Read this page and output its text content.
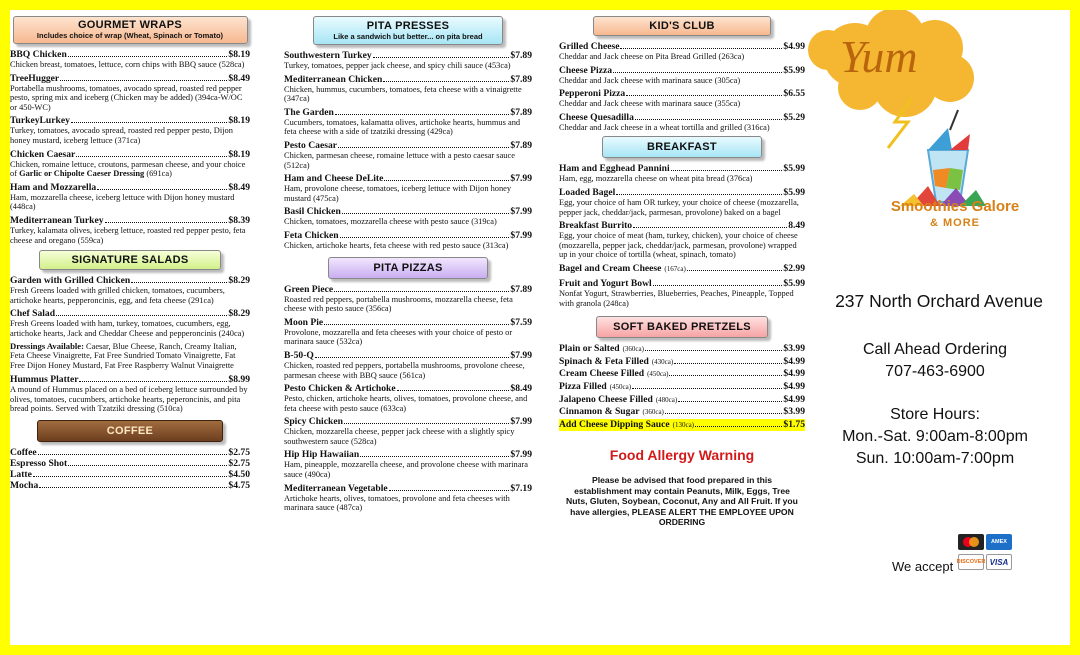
GOURMET WRAPS
Includes choice of wrap (Wheat, Spinach or Tomato)
BBQ Chicken	$8.19
Chicken breast, tomatoes, lettuce, corn chips with BBQ sauce (528ca)
TreeHugger	$8.49
Portabella mushrooms, tomatoes, avocado spread, roasted red pepper pesto, spring mix and iceberg (Chicken may be added) (394ca-W/OC or 450-WC)
TurkeyLurkey	$8.19
Turkey, tomatoes, avocado spread, roasted red pepper pesto, Dijon honey mustard, iceberg lettuce (371ca)
Chicken Caesar	$8.19
Chicken, romaine lettuce, croutons, parmesan cheese, and your choice of Garlic or Chipolte Caeser Dressing (691ca)
Ham and Mozzarella	$8.49
Ham, mozzarella cheese, iceberg lettuce with Dijon honey mustard (448ca)
Mediterranean Turkey	$8.39
Turkey, kalamata olives, iceberg lettuce, roasted red pepper pesto, feta cheese and oregano (559ca)
SIGNATURE SALADS
Garden with Grilled Chicken	$8.29
Fresh Greens loaded with grilled chicken, tomatoes, cucumbers, artichoke hearts, pepperoncinis, egg, and feta cheese (291ca)
Chef Salad	$8.29
Fresh Greens loaded with ham, turkey, tomatoes, cucumbers, egg, artichoke hearts, Jack and Cheddar Cheese and pepperoncinis (240ca)
Dressings Available: Caesar, Blue Cheese, Ranch, Creamy Italian, Feta Cheese Vinaigrette, Fat Free Sundried Tomato Vinaigrette, Fat Free Dijon Honey Mustard, Fat Free Raspberry Walnut Vinaigrette
Hummus Platter	$8.99
A mound of Hummus placed on a bed of iceberg lettuce surrounded by olives, tomatoes, cucumbers, artichoke hearts, peperoncinis, and pita bread points. Served with Tzatziki dressing (510ca)
COFFEE
Coffee	$2.75
Espresso Shot	$2.75
Latte	$4.50
Mocha	$4.75
PITA PRESSES
Like a sandwich but better... on pita bread
Southwestern Turkey	$7.89
Turkey, tomatoes, pepper jack cheese, and spicy chili sauce (453ca)
Mediterranean Chicken	$7.89
Chicken, hummus, cucumbers, tomatoes, feta cheese with a vinaigrette (347ca)
The Garden	$7.89
Cucumbers, tomatoes, kalamatta olives, artichoke hearts, hummus and feta cheese with a side of tzatziki dressing (429ca)
Pesto Caesar	$7.89
Chicken, parmesan cheese, romaine lettuce with a pesto caesar sauce (512ca)
Ham and Cheese DeLite	$7.99
Ham, provolone cheese, tomatoes, iceberg lettuce with Dijon honey mustard (475ca)
Basil Chicken	$7.99
Chicken, tomatoes, mozzarella cheese with pesto sauce (319ca)
Feta Chicken	$7.99
Chicken, artichoke hearts, feta cheese with red pesto sauce (313ca)
PITA PIZZAS
Green Piece	$7.89
Roasted red peppers, portabella mushrooms, mozzarella cheese, feta cheese with pesto sauce (356ca)
Moon Pie	$7.59
Provolone, mozzarella and feta cheeses with your choice of pesto or marinara sauce (532ca)
B-50-Q	$7.99
Chicken, roasted red peppers, portabella mushrooms, provolone cheese, parmesan cheese with BBQ sauce (561ca)
Pesto Chicken & Artichoke	$8.49
Pesto, chicken, artichoke hearts, olives, tomatoes, provolone cheese, and feta cheese with pesto sauce (633ca)
Spicy Chicken	$7.99
Chicken, mozzarella cheese, pepper jack cheese with a slightly spicy southwestern sauce (528ca)
Hip Hip Hawaiian	$7.99
Ham, pineapple, mozzarella cheese, and provolone cheese with marinara sauce (490ca)
Mediterranean Vegetable	$7.19
Artichoke hearts, olives, tomatoes, provolone and feta cheeses with marinara sauce (487ca)
KID'S CLUB
Grilled Cheese	$4.99
Cheddar and Jack cheese on Pita Bread Grilled (263ca)
Cheese Pizza	$5.99
Cheddar and Jack cheese with marinara sauce (305ca)
Pepperoni Pizza	$6.55
Cheddar and Jack cheese with marinara sauce (355ca)
Cheese Quesadilla	$5.29
Cheddar and Jack cheese in a wheat tortilla and grilled (316ca)
BREAKFAST
Ham and Egghead Pannini	$5.99
Ham, egg, mozzarella cheese on wheat pita bread (376ca)
Loaded Bagel	$5.99
Egg, your choice of ham OR turkey, your choice of cheese (mozzarella, pepper jack, cheddar/jack, parmesan, provolone) baked on a bagel
Breakfast Burrito	8.49
Egg, your choice of meat (ham, turkey, chicken), your choice of cheese (mozzarella, pepper jack, cheddar/jack, parmesan, provolone) wrapped up in your choice of tortilla (wheat, spinach, tomato)
Bagel and Cream Cheese (167ca)	$2.99
Fruit and Yogurt Bowl	$5.99
Nonfat Yogurt, Strawberries, Blueberries, Peaches, Pineapple, Topped with granola (248ca)
SOFT BAKED PRETZELS
Plain or Salted (360ca)	$3.99
Spinach & Feta Filled (430ca)	$4.99
Cream Cheese Filled (450ca)	$4.99
Pizza Filled (450ca)	$4.99
Jalapeno Cheese Filled (480ca)	$4.99
Cinnamon & Sugar (360ca)	$3.99
Add Cheese Dipping Sauce (130ca)	$1.75
Food Allergy Warning
Please be advised that food prepared in this establishment may contain Peanuts, Milk, Eggs, Tree Nuts, Gluten, Soybean, Coconut, Any and All Fruit. If you have allergies, PLEASE ALERT THE EMPLOYEE UPON ORDERING
Yum
Smoothies Galore
& MORE
237 North Orchard Avenue
Call Ahead Ordering
707-463-6900
Store Hours:
Mon.-Sat. 9:00am-8:00pm
Sun. 10:00am-7:00pm
We accept
AMEX
DISCOVER VISA
